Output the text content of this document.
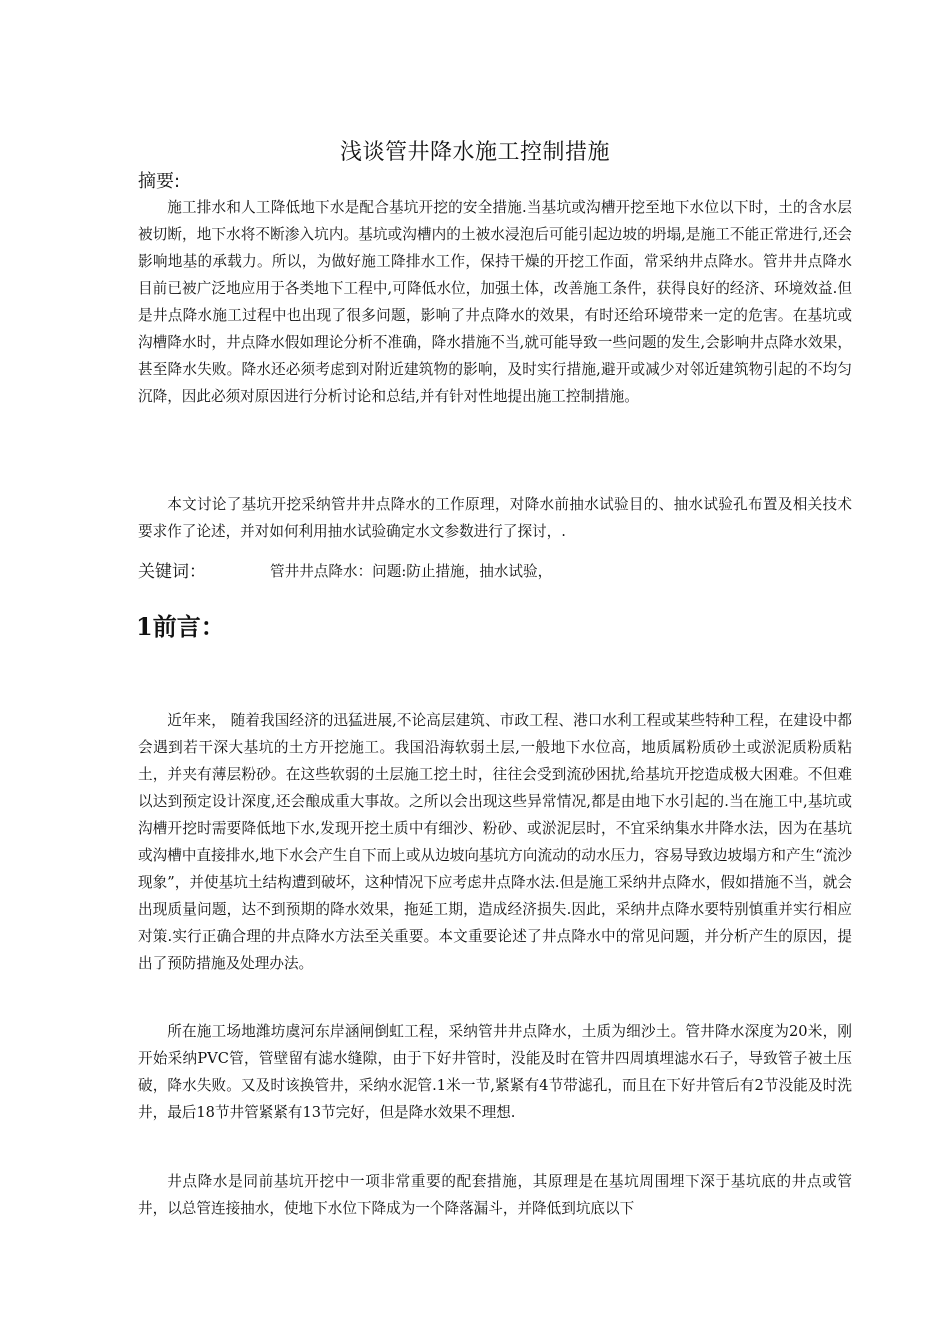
浅谈管井降水施工控制措施
摘要:

施工排水和人工降低地下水是配合基坑开挖的安全措施.当基坑或沟槽开挖至地下水位以下时，土的含水层被切断，地下水将不断渗入坑内。基坑或沟槽内的土被水浸泡后可能引起边坡的坍塌,是施工不能正常进行,还会影响地基的承载力。所以，为做好施工降排水工作，保持干燥的开挖工作面，常采纳井点降水。管井井点降水目前已被广泛地应用于各类地下工程中,可降低水位，加强土体，改善施工条件，获得良好的经济、环境效益.但是井点降水施工过程中也出现了很多问题，影响了井点降水的效果，有时还给环境带来一定的危害。在基坑或沟槽降水时，井点降水假如理论分析不准确，降水措施不当,就可能导致一些问题的发生,会影响井点降水效果，甚至降水失败。降水还必须考虑到对附近建筑物的影响，及时实行措施,避开或减少对邻近建筑物引起的不均匀沉降，因此必须对原因进行分析讨论和总结,并有针对性地提出施工控制措施。

本文讨论了基坑开挖采纳管井井点降水的工作原理，对降水前抽水试验目的、抽水试验孔布置及相关技术要求作了论述，并对如何利用抽水试验确定水文参数进行了探讨，.

关键词：	管井井点降水：问题:防止措施，抽水试验，
1前言：

近年来， 随着我国经济的迅猛进展,不论高层建筑、市政工程、港口水利工程或某些特种工程，在建设中都会遇到若干深大基坑的土方开挖施工。我国沿海软弱土层,一般地下水位高，地质属粉质砂土或淤泥质粉质粘土，并夹有薄层粉砂。在这些软弱的土层施工挖土时，往往会受到流砂困扰,给基坑开挖造成极大困难。不但难以达到预定设计深度,还会酿成重大事故。之所以会出现这些异常情况,都是由地下水引起的.当在施工中,基坑或沟槽开挖时需要降低地下水,发现开挖土质中有细沙、粉砂、或淤泥层时，不宜采纳集水井降水法，因为在基坑或沟槽中直接排水,地下水会产生自下而上或从边坡向基坑方向流动的动水压力，容易导致边坡塌方和产生“流沙现象”，并使基坑土结构遭到破坏，这种情况下应考虑井点降水法.但是施工采纳井点降水，假如措施不当，就会出现质量问题，达不到预期的降水效果，拖延工期，造成经济损失.因此，采纳井点降水要特别慎重并实行相应对策.实行正确合理的井点降水方法至关重要。本文重要论述了井点降水中的常见问题，并分析产生的原因，提出了预防措施及处理办法。

所在施工场地潍坊虞河东岸涵闸倒虹工程，采纳管井井点降水，土质为细沙土。管井降水深度为20米，刚开始采纳PVC管，管壁留有滤水缝隙，由于下好井管时，没能及时在管井四周填埋滤水石子，导致管子被土压破，降水失败。又及时该换管井，采纳水泥管.1米一节,紧紧有4节带滤孔，而且在下好井管后有2节没能及时洗井，最后18节井管紧紧有13节完好，但是降水效果不理想.

井点降水是同前基坑开挖中一项非常重要的配套措施，其原理是在基坑周围埋下深于基坑底的井点或管井，以总管连接抽水，使地下水位下降成为一个降落漏斗，并降低到坑底以下
